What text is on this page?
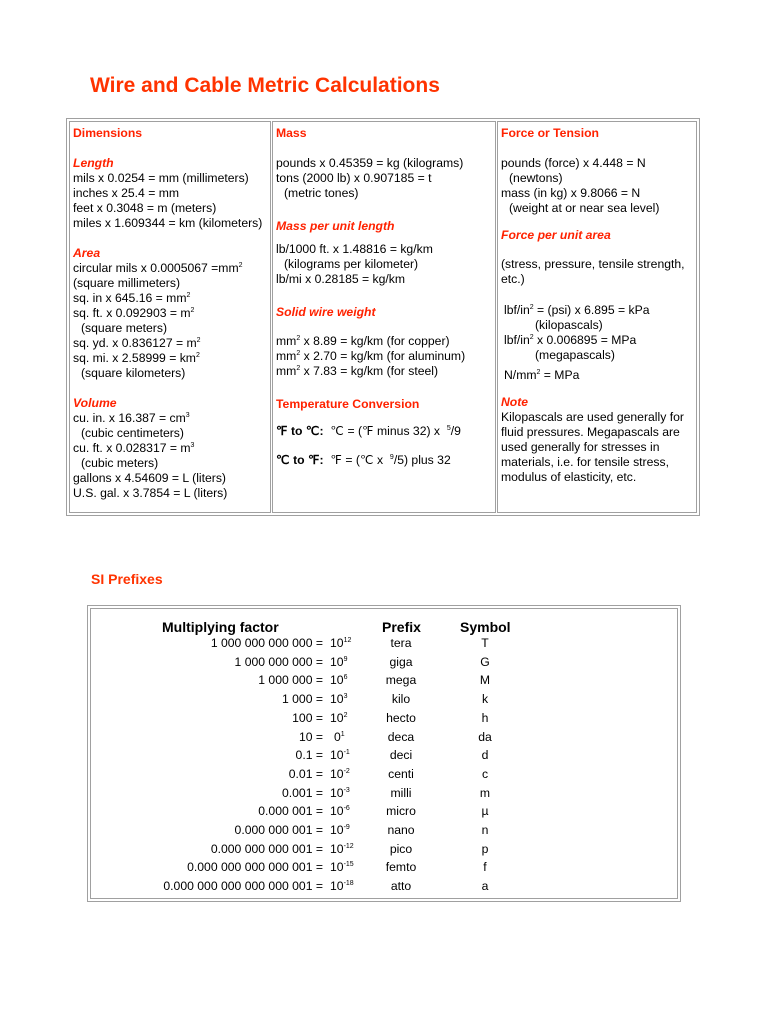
Wire and Cable Metric Calculations
Dimensions
Length
mils x 0.0254 = mm (millimeters)
inches x 25.4 = mm
feet x 0.3048 = m (meters)
miles x 1.609344 = km (kilometers)
Area
circular mils x $0.0005067 =mm^2$
(square millimeters)
sq. in x $645.16 = mm^2$
sq. ft. x $0.092903 = m^2$
(square meters)
sq. yd. x $0.836127 = m^2$
sq. mi. x $2.58999 = km^2$
(square kilometers)
Volume
cu. in. x $16.387 = cm^3$
(cubic centimeters)
cu. ft. x $0.028317 = m^3$
(cubic meters)
gallons x 4.54609 = L (liters)
U.S. gal. x 3.7854 = L (liters)
Mass
pounds x 0.45359 = kg (kilograms)
tons (2000 lb) x 0.907185 = t
(metric tones)
Mass per unit length
lb/1000 ft. x 1.48816 = kg/km
(kilograms per kilometer)
lb/mi x 0.28185 = kg/km
Solid wire weight
$mm^2$ x 8.89 = kg/km (for copper)
$mm^2$ x 2.70 = kg/km (for aluminum)
$mm^2$ x 7.83 = kg/km (for steel)
Temperature Conversion
℉ to ℃: ℃ = (℉ minus 32) x $^5$/9
℃ to ℉: ℉ = (℃ x $^9$/5) plus 32
Force or Tension
pounds (force) x 4.448 = N
(newtons)
mass (in kg) x 9.8066 = N
(weight at or near sea level)
Force per unit area
(stress, pressure, tensile strength, etc.)
lbf/$in^2 = (psi)$ x 6.895 = kPa
(kilopascals)
lbf/$in^2$ x 0.006895 = MPa
(megapascals)
$N/mm^2$ = MPa
Note
Kilopascals are used generally for fluid pressures. Megapascals are used generally for stresses in materials, i.e. for tensile stress, modulus of elasticity, etc.
SI Prefixes
Multiplying factor	Prefix	Symbol
1 000 000 000 $000 = 10^{12}$	tera	T
1 000 000 $000 = 10^9$	giga	G
1 000 $000 = 10^6$	mega	M
1 $000 = 10^3$	kilo	k
$100 = 10^2$	hecto	h
$10 = 0^1$	deca	da
$0.1 = 10^{-1}$	deci	d
$0.01 = 10^{-2}$	centi	c
$0.001 = 10^{-3}$	milli	m
0.000 $001 = 10^{-6}$	micro	µ
0.000 000 $001 = 10^{-9}$	nano	n
0.000 000 000 $001 = 10^{-12}$	pico	p
0.000 000 000 000 $001 = 10^{-15}$	femto	f
0.000 000 000 000 000 $001 = 10^{-18}$	atto	a
